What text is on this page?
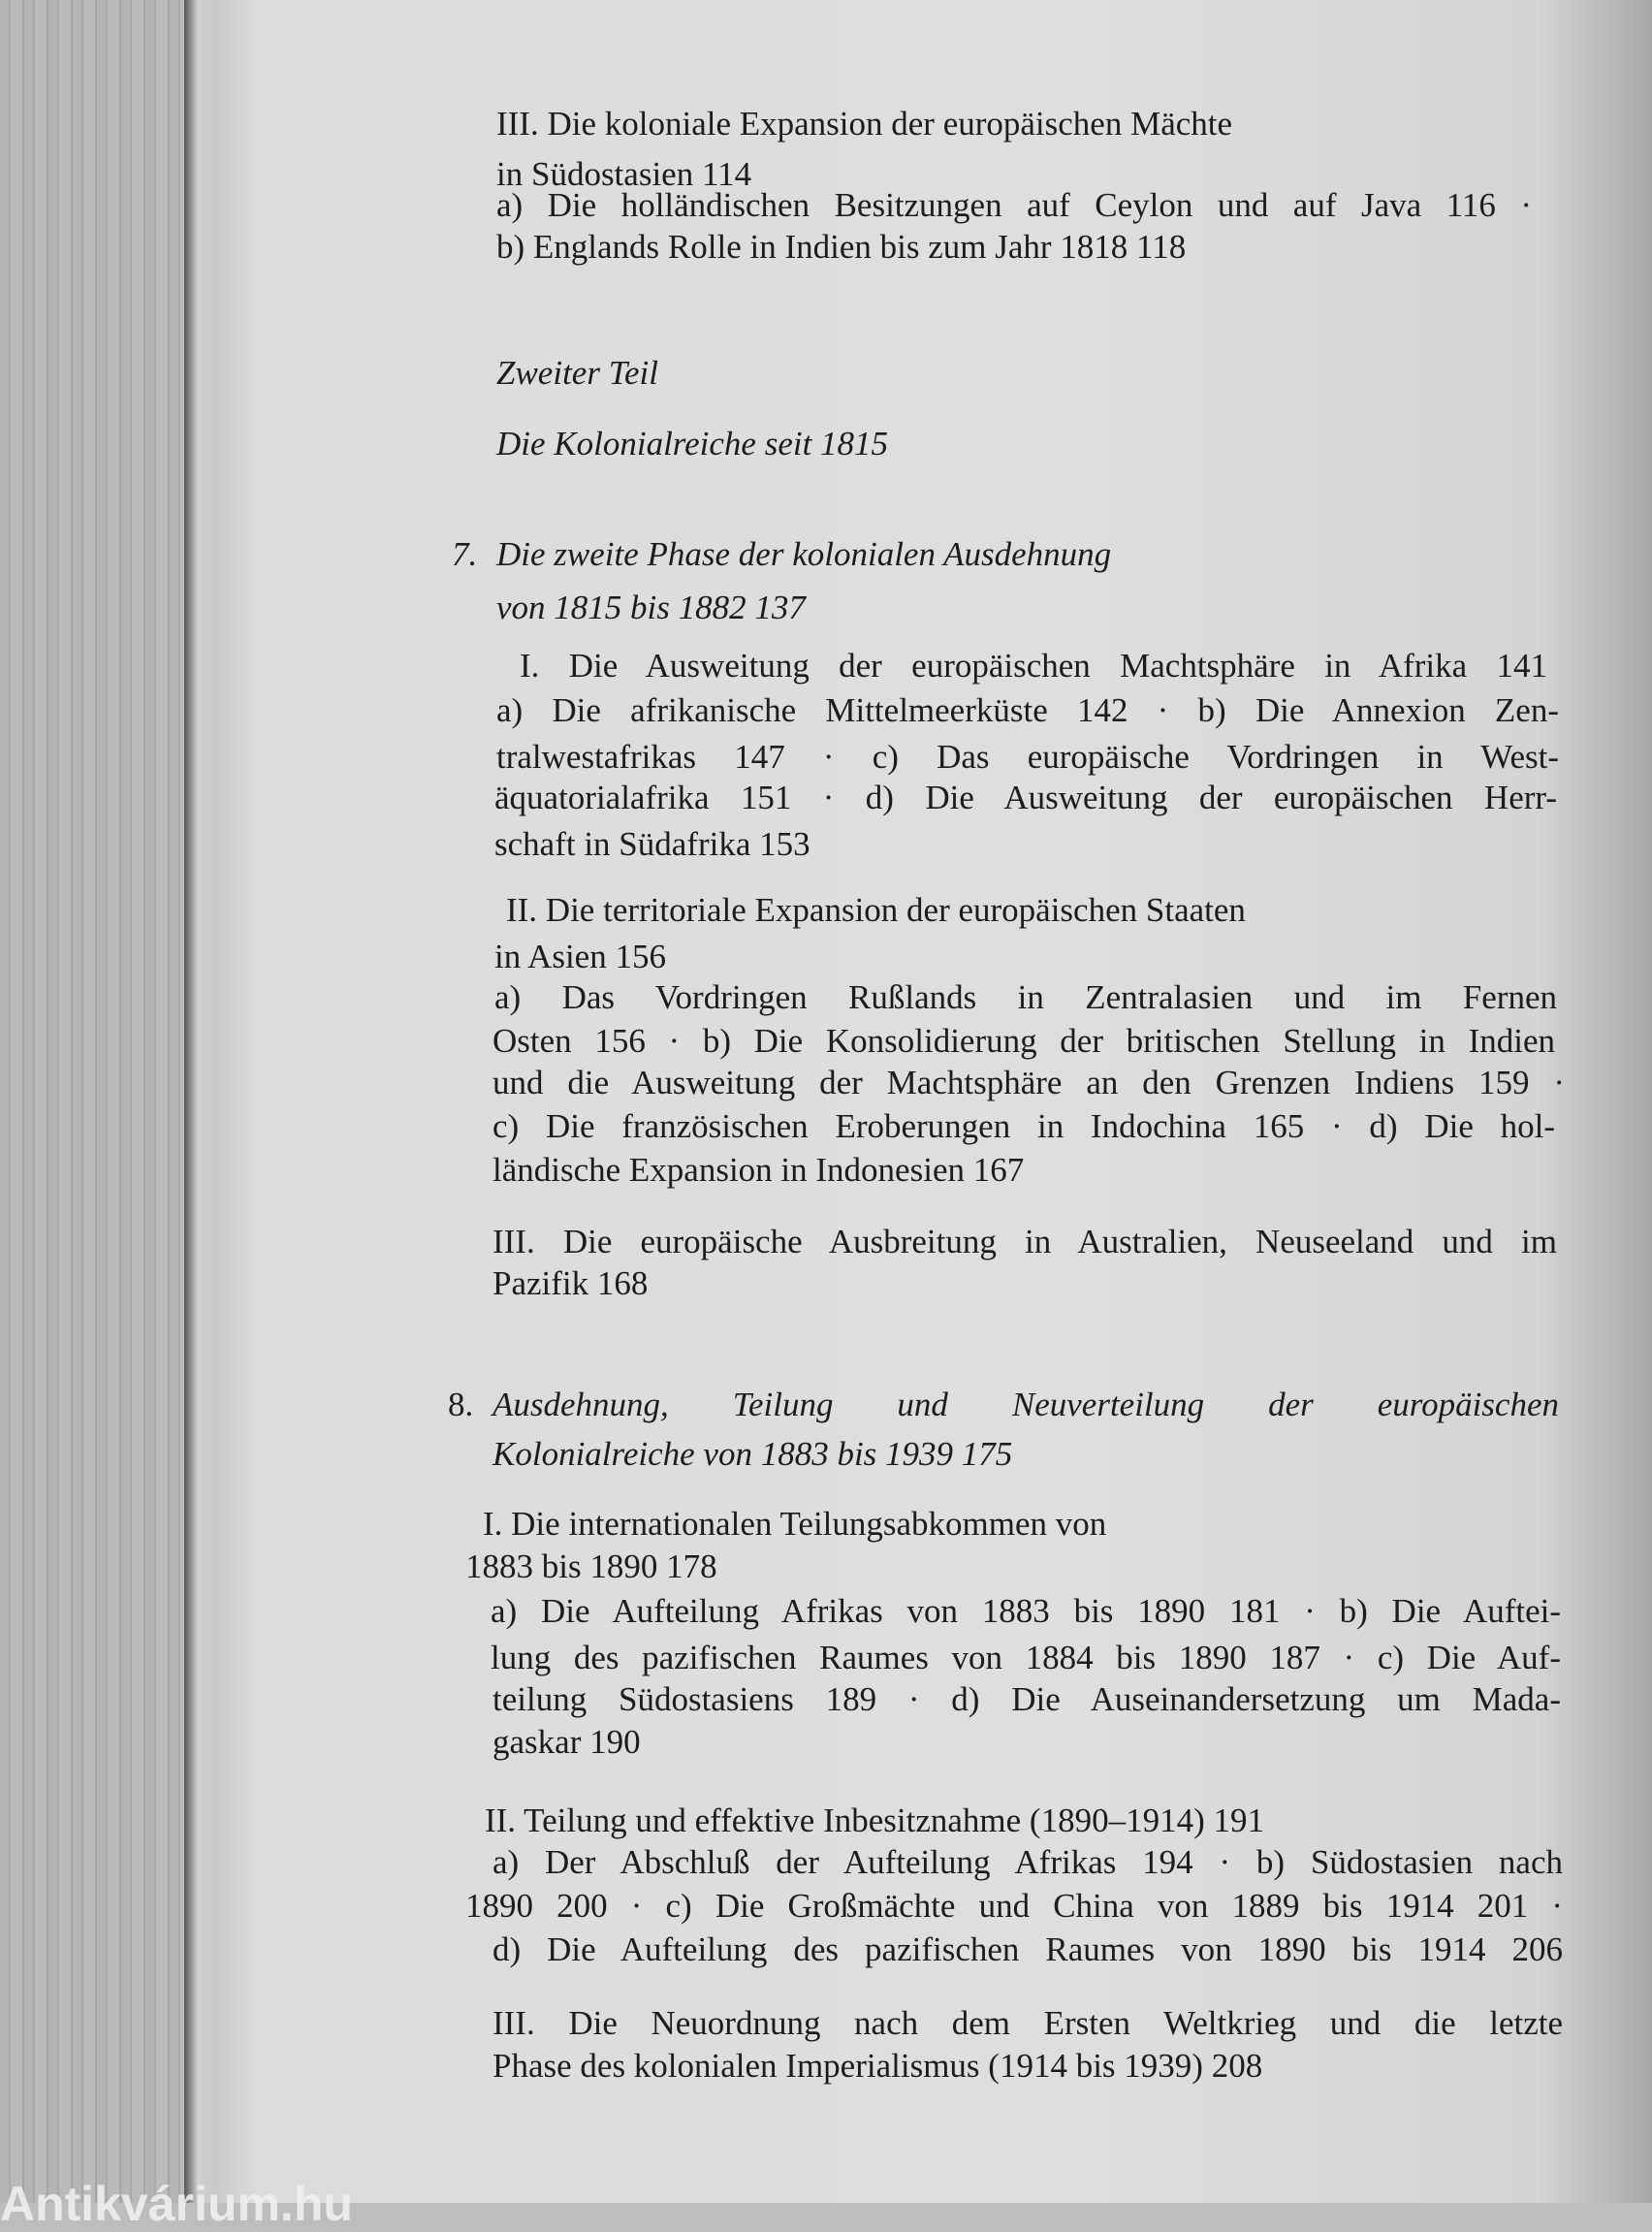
III. Die koloniale Expansion der europäischen Mächte
in Südostasien 114
a) Die holländischen Besitzungen auf Ceylon und auf Java 116 ·
b) Englands Rolle in Indien bis zum Jahr 1818 118
Zweiter Teil
Die Kolonialreiche seit 1815
7. Die zweite Phase der kolonialen Ausdehnung
von 1815 bis 1882 137
I. Die Ausweitung der europäischen Machtsphäre in Afrika 141
a) Die afrikanische Mittelmeerküste 142 · b) Die Annexion Zen-
tralwestafrikas 147 · c) Das europäische Vordringen in West-
äquatorialafrika 151 · d) Die Ausweitung der europäischen Herr-
schaft in Südafrika 153
II. Die territoriale Expansion der europäischen Staaten
in Asien 156
a) Das Vordringen Rußlands in Zentralasien und im Fernen
Osten 156 · b) Die Konsolidierung der britischen Stellung in Indien
und die Ausweitung der Machtsphäre an den Grenzen Indiens 159 ·
c) Die französischen Eroberungen in Indochina 165 · d) Die hol-
ländische Expansion in Indonesien 167
III. Die europäische Ausbreitung in Australien, Neuseeland und im
Pazifik 168
8. Ausdehnung, Teilung und Neuverteilung der europäischen
Kolonialreiche von 1883 bis 1939 175
I. Die internationalen Teilungsabkommen von
1883 bis 1890 178
a) Die Aufteilung Afrikas von 1883 bis 1890 181 · b) Die Auftei-
lung des pazifischen Raumes von 1884 bis 1890 187 · c) Die Auf-
teilung Südostasiens 189 · d) Die Auseinandersetzung um Mada-
gaskar 190
II. Teilung und effektive Inbesitznahme (1890–1914) 191
a) Der Abschluß der Aufteilung Afrikas 194 · b) Südostasien nach
1890 200 · c) Die Großmächte und China von 1889 bis 1914 201 ·
d) Die Aufteilung des pazifischen Raumes von 1890 bis 1914 206
III. Die Neuordnung nach dem Ersten Weltkrieg und die letzte
Phase des kolonialen Imperialismus (1914 bis 1939) 208
Antikvárium.hu
